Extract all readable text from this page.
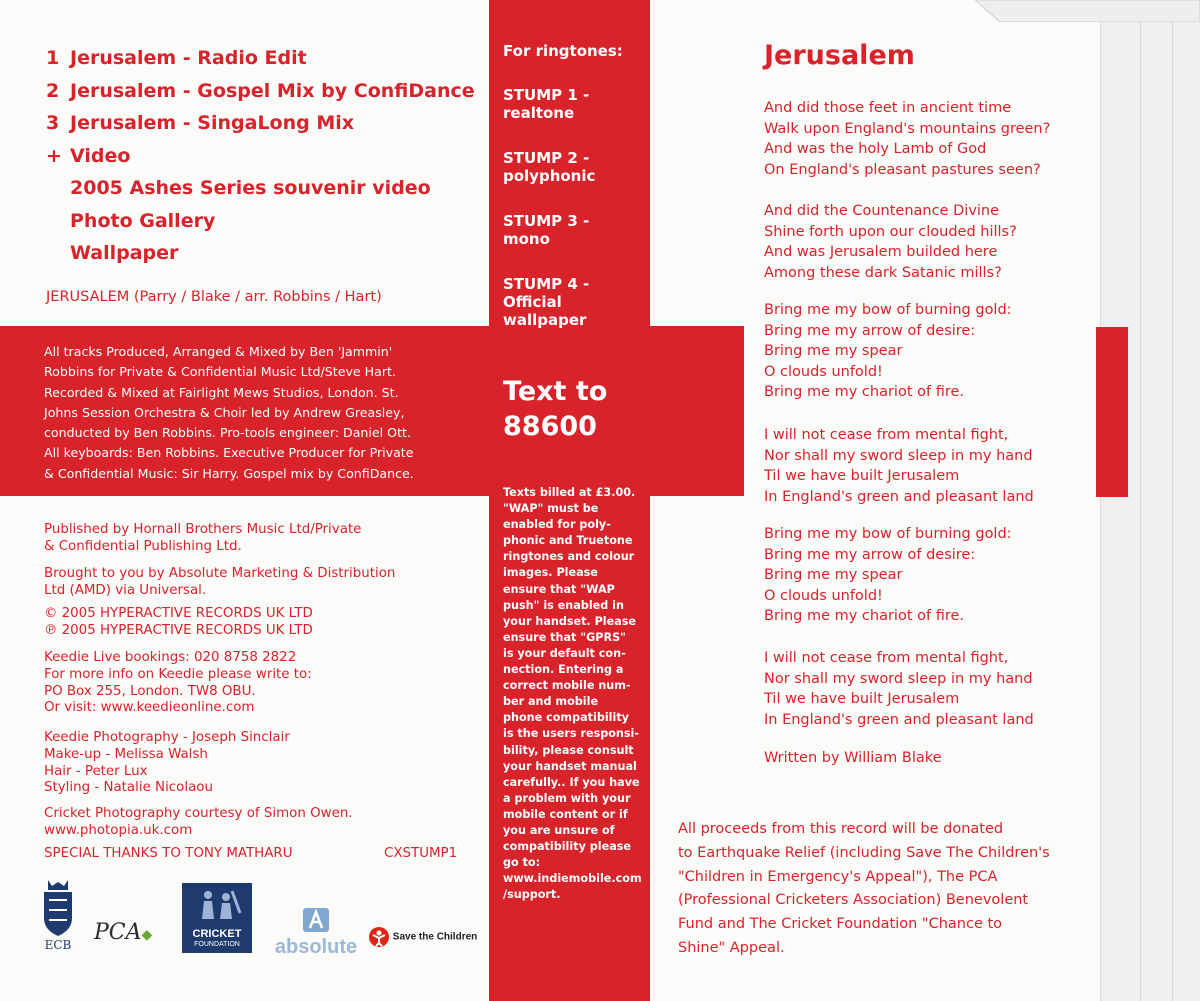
1 Jerusalem - Radio Edit
2 Jerusalem - Gospel Mix by ConfiDance
3 Jerusalem - SingaLong Mix
+ Video
2005 Ashes Series souvenir video
Photo Gallery
Wallpaper
JERUSALEM (Parry / Blake / arr. Robbins / Hart)
All tracks Produced, Arranged & Mixed by Ben 'Jammin'
Robbins for Private & Confidential Music Ltd/Steve Hart.
Recorded & Mixed at Fairlight Mews Studios, London. St.
Johns Session Orchestra & Choir led by Andrew Greasley,
conducted by Ben Robbins. Pro-tools engineer: Daniel Ott.
All keyboards: Ben Robbins. Executive Producer for Private
& Confidential Music: Sir Harry. Gospel mix by ConfiDance.
Published by Hornall Brothers Music Ltd/Private
& Confidential Publishing Ltd.
Brought to you by Absolute Marketing & Distribution
Ltd (AMD) via Universal.
© 2005 HYPERACTIVE RECORDS UK LTD
℗ 2005 HYPERACTIVE RECORDS UK LTD
Keedie Live bookings: 020 8758 2822
For more info on Keedie please write to:
PO Box 255, London. TW8 OBU.
Or visit: www.keedieonline.com
Keedie Photography - Joseph Sinclair
Make-up - Melissa Walsh
Hair - Peter Lux
Styling - Natalie Nicolaou
Cricket Photography courtesy of Simon Owen.
www.photopia.uk.com
SPECIAL THANKS TO TONY MATHARU	CXSTUMP1
For ringtones:
STUMP 1 -
realtone
STUMP 2 -
polyphonic
STUMP 3 -
mono
STUMP 4 -
Official
wallpaper
Text to
88600
Texts billed at £3.00.
"WAP" must be
enabled for poly-
phonic and Truetone
ringtones and colour
images. Please
ensure that "WAP
push" is enabled in
your handset. Please
ensure that "GPRS"
is your default con-
nection. Entering a
correct mobile num-
ber and mobile
phone compatibility
is the users responsi-
bility, please consult
your handset manual
carefully.. If you have
a problem with your
mobile content or if
you are unsure of
compatibility please
go to:
www.indiemobile.com
/support.
Jerusalem
And did those feet in ancient time
Walk upon England's mountains green?
And was the holy Lamb of God
On England's pleasant pastures seen?
And did the Countenance Divine
Shine forth upon our clouded hills?
And was Jerusalem builded here
Among these dark Satanic mills?
Bring me my bow of burning gold:
Bring me my arrow of desire:
Bring me my spear
O clouds unfold!
Bring me my chariot of fire.
I will not cease from mental fight,
Nor shall my sword sleep in my hand
Til we have built Jerusalem
In England's green and pleasant land
Bring me my bow of burning gold:
Bring me my arrow of desire:
Bring me my spear
O clouds unfold!
Bring me my chariot of fire.
I will not cease from mental fight,
Nor shall my sword sleep in my hand
Til we have built Jerusalem
In England's green and pleasant land
Written by William Blake
All proceeds from this record will be donated
to Earthquake Relief (including Save The Children's
"Children in Emergency's Appeal"), The PCA
(Professional Cricketers Association) Benevolent
Fund and The Cricket Foundation "Chance to
Shine" Appeal.
ECB PCA◆	CRICKET
FOUNDATION	absolute	Save the Children
